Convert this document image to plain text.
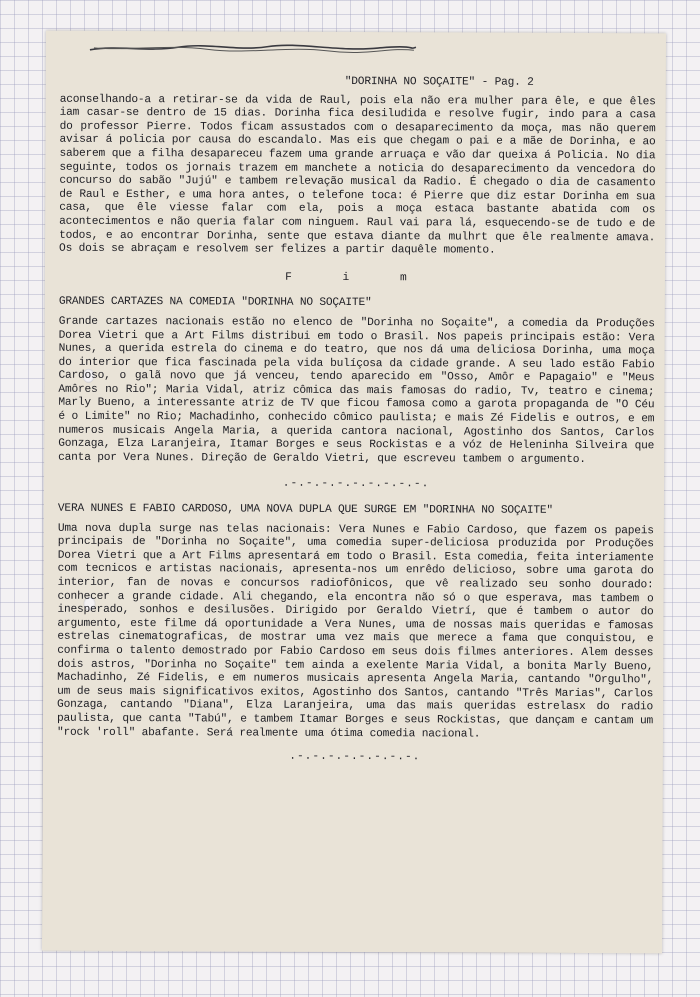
"DORINHA NO SOÇAITE" - Pag. 2

aconselhando-a a retirar-se da vida de Raul, pois ela não era mulher para êle, e que êles iam casar-se dentro de 15 dias. Dorinha fica desiludida e resolve fugir, indo para a casa do professor Pierre. Todos ficam assustados com o desaparecimento da moça, mas não querem avisar á policia por causa do escandalo. Mas eis que chegam o pai e a mãe de Dorinha, e ao saberem que a filha desapareceu fazem uma grande arruaça e vão dar queixa á Policia. No dia seguinte, todos os jornais trazem em manchete a noticia do desaparecimento da vencedora do concurso do sabão "Jujú" e tambem relevação musical da Radio. É chegado o dia de casamento de Raul e Esther, e uma hora antes, o telefone toca: é Pierre que diz estar Dorinha em sua casa, que êle viesse falar com ela, pois a moça estaca bastante abatida com os acontecimentos e não queria falar com ninguem. Raul vai para lá, esquecendo-se de tudo e de todos, e ao encontrar Dorinha, sente que estava diante da mulhrt que êle realmente amava. Os dois se abraçam e resolvem ser felizes a partir daquêle momento.

F i m
GRANDES CARTAZES NA COMEDIA "DORINHA NO SOÇAITE"

Grande cartazes nacionais estão no elenco de "Dorinha no Soçaite", a comedia da Produções Dorea Vietri que a Art Films distribui em todo o Brasil. Nos papeis principais estão: Vera Nunes, a querida estrela do cinema e do teatro, que nos dá uma deliciosa Dorinha, uma moça do interior que fica fascinada pela vida bulíçosa da cidade grande. A seu lado estão Fabio Cardoso, o galã novo que já venceu, tendo aparecido em "Osso, Amôr e Papagaio" e "Meus Amôres no Rio"; Maria Vidal, atriz cômica das mais famosas do radio, Tv, teatro e cinema; Marly Bueno, a interessante atriz de TV que ficou famosa como a garota propaganda de "O Céu é o Limite" no Rio; Machadinho, conhecido cômico paulista; e mais Zé Fidelis e outros, e em numeros musicais Angela Maria, a querida cantora nacional, Agostinho dos Santos, Carlos Gonzaga, Elza Laranjeira, Itamar Borges e seus Rockistas e a vóz de Heleninha Silveira que canta por Vera Nunes. Direção de Geraldo Vietri, que escreveu tambem o argumento.

.-.-.-.-.-.-.-.-.-.
VERA NUNES E FABIO CARDOSO, UMA NOVA DUPLA QUE SURGE EM "DORINHA NO SOÇAITE"

Uma nova dupla surge nas telas nacionais: Vera Nunes e Fabio Cardoso, que fazem os papeis principais de "Dorinha no Soçaite", uma comedia super-deliciosa produzida por Produções Dorea Vietri que a Art Films apresentará em todo o Brasil. Esta comedia, feita interiamente com tecnicos e artistas nacionais, apresenta-nos um enrêdo delicioso, sobre uma garota do interior, fan de novas e concursos radiofônicos, que vê realizado seu sonho dourado: conhecer a grande cidade. Ali chegando, ela encontra não só o que esperava, mas tambem o inesperado, sonhos e desilusões. Dirigido por Geraldo Vietrí, que é tambem o autor do argumento, este filme dá oportunidade a Vera Nunes, uma de nossas mais queridas e famosas estrelas cinematograficas, de mostrar uma vez mais que merece a fama que conquistou, e confirma o talento demostrado por Fabio Cardoso em seus dois filmes anteriores. Alem desses dois astros, "Dorinha no Soçaite" tem ainda a exelente Maria Vidal, a bonita Marly Bueno, Machadinho, Zé Fidelis, e em numeros musicais apresenta Angela Maria, cantando "Orgulho", um de seus mais significativos exitos, Agostinho dos Santos, cantando "Três Marias", Carlos Gonzaga, cantando "Diana", Elza Laranjeira, uma das mais queridas estrelasx do radio paulista, que canta "Tabú", e tambem Itamar Borges e seus Rockistas, que dançam e cantam um "rock 'roll" abafante. Será realmente uma ótima comedia nacional.

.-.-.-.-.-.-.-.-.
